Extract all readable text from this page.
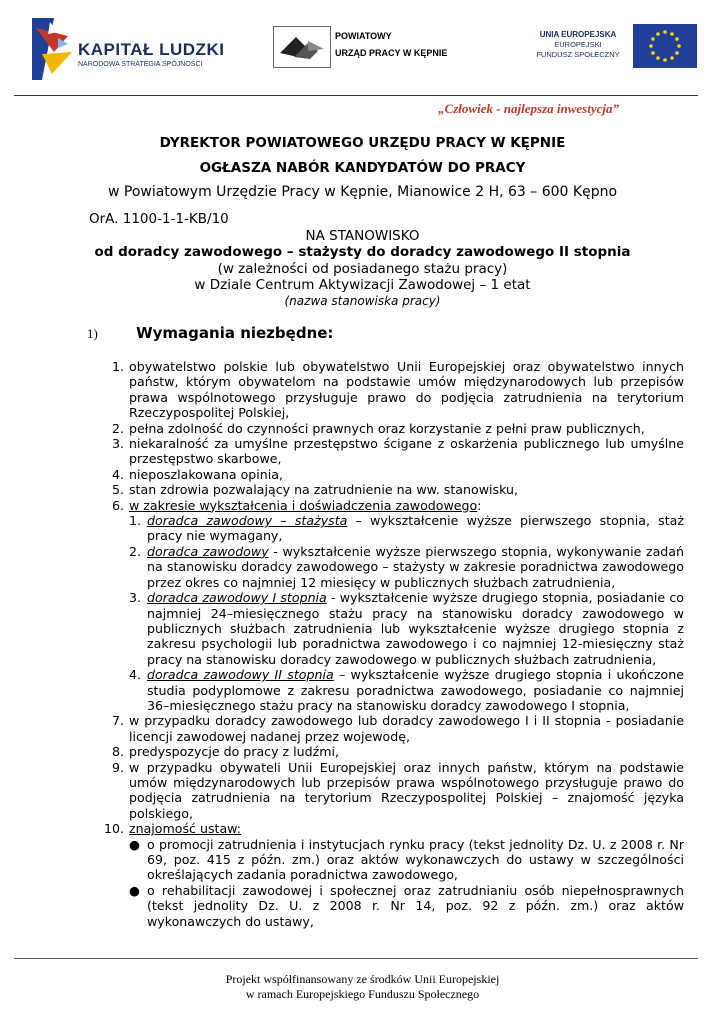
KAPITAŁ LUDZKI
NARODOWA STRATEGIA SPÓJNOŚCI
POWIATOWY
URZĄD PRACY W KĘPNIE
UNIA EUROPEJSKA
EUROPEJSKI
FUNDUSZ SPOŁECZNY
„Człowiek - najlepsza inwestycja”
DYREKTOR POWIATOWEGO URZĘDU PRACY W KĘPNIE
OGŁASZA NABÓR KANDYDATÓW DO PRACY
w Powiatowym Urzędzie Pracy w Kępnie, Mianowice 2 H, 63 – 600 Kępno
OrA. 1100-1-1-KB/10
NA STANOWISKO
od doradcy zawodowego – stażysty do doradcy zawodowego II stopnia
(w zależności od posiadanego stażu pracy)
w Dziale Centrum Aktywizacji Zawodowej – 1 etat
(nazwa stanowiska pracy)
1)	Wymagania niezbędne:
1. obywatelstwo polskie lub obywatelstwo Unii Europejskiej oraz obywatelstwo innych państw, którym obywatelom na podstawie umów międzynarodowych lub przepisów prawa wspólnotowego przysługuje prawo do podjęcia zatrudnienia na terytorium Rzeczypospolitej Polskiej,
2. pełna zdolność do czynności prawnych oraz korzystanie z pełni praw publicznych,
3. niekaralność za umyślne przestępstwo ścigane z oskarżenia publicznego lub umyślne przestępstwo skarbowe,
4. nieposzlakowana opinia,
5. stan zdrowia pozwalający na zatrudnienie na ww. stanowisku,
6. w zakresie wykształcenia i doświadczenia zawodowego:
1. doradca zawodowy – stażysta – wykształcenie wyższe pierwszego stopnia, staż pracy nie wymagany,
2. doradca zawodowy - wykształcenie wyższe pierwszego stopnia, wykonywanie zadań na stanowisku doradcy zawodowego – stażysty w zakresie poradnictwa zawodowego przez okres co najmniej 12 miesięcy w publicznych służbach zatrudnienia,
3. doradca zawodowy I stopnia - wykształcenie wyższe drugiego stopnia, posiadanie co najmniej 24–miesięcznego stażu pracy na stanowisku doradcy zawodowego w publicznych służbach zatrudnienia lub wykształcenie wyższe drugiego stopnia z zakresu psychologii lub poradnictwa zawodowego i co najmniej 12-miesięczny staż pracy na stanowisku doradcy zawodowego w publicznych służbach zatrudnienia,
4. doradca zawodowy II stopnia – wykształcenie wyższe drugiego stopnia i ukończone studia podyplomowe z zakresu poradnictwa zawodowego, posiadanie co najmniej 36–miesięcznego stażu pracy na stanowisku doradcy zawodowego I stopnia,
7. w przypadku doradcy zawodowego lub doradcy zawodowego I i II stopnia - posiadanie licencji zawodowej nadanej przez wojewodę,
8. predyspozycje do pracy z ludźmi,
9. w przypadku obywateli Unii Europejskiej oraz innych państw, którym na podstawie umów międzynarodowych lub przepisów prawa wspólnotowego przysługuje prawo do podjęcia zatrudnienia na terytorium Rzeczypospolitej Polskiej – znajomość języka polskiego,
10. znajomość ustaw:
● o promocji zatrudnienia i instytucjach rynku pracy (tekst jednolity Dz. U. z 2008 r. Nr 69, poz. 415 z późn. zm.) oraz aktów wykonawczych do ustawy w szczególności określających zadania poradnictwa zawodowego,
● o rehabilitacji zawodowej i społecznej oraz zatrudnianiu osób niepełnosprawnych (tekst jednolity Dz. U. z 2008 r. Nr 14, poz. 92 z późn. zm.) oraz aktów wykonawczych do ustawy,
Projekt współfinansowany ze środków Unii Europejskiej
w ramach Europejskiego Funduszu Społecznego
